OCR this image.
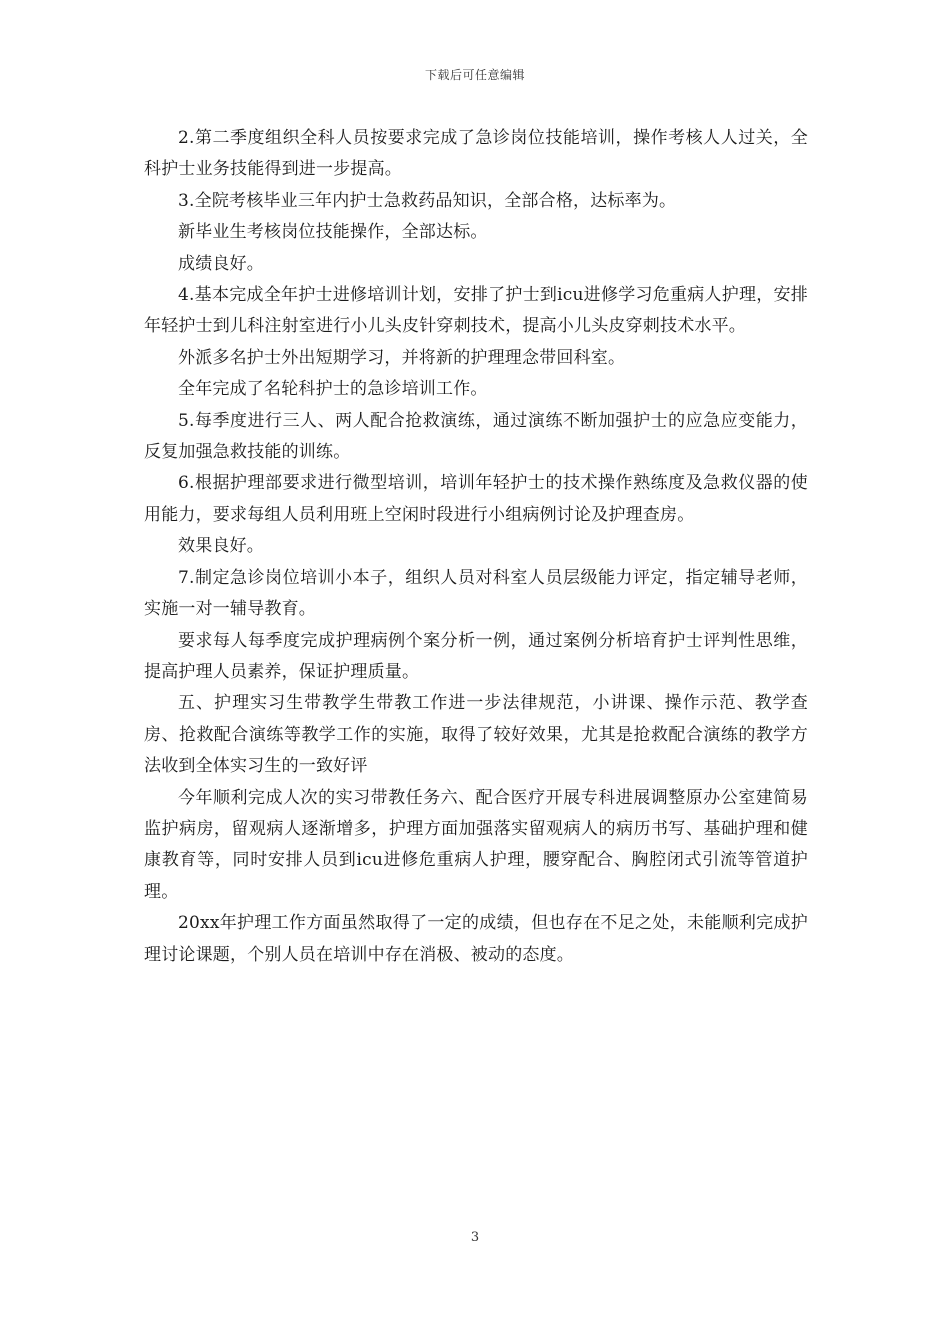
下载后可任意编辑

2.第二季度组织全科人员按要求完成了急诊岗位技能培训，操作考核人人过关，全科护士业务技能得到进一步提高。

3.全院考核毕业三年内护士急救药品知识，全部合格，达标率为。

新毕业生考核岗位技能操作，全部达标。

成绩良好。

4.基本完成全年护士进修培训计划，安排了护士到icu进修学习危重病人护理，安排年轻护士到儿科注射室进行小儿头皮针穿刺技术，提高小儿头皮穿刺技术水平。

外派多名护士外出短期学习，并将新的护理理念带回科室。

全年完成了名轮科护士的急诊培训工作。

5.每季度进行三人、两人配合抢救演练，通过演练不断加强护士的应急应变能力，反复加强急救技能的训练。

6.根据护理部要求进行微型培训，培训年轻护士的技术操作熟练度及急救仪器的使用能力，要求每组人员利用班上空闲时段进行小组病例讨论及护理查房。

效果良好。

7.制定急诊岗位培训小本子，组织人员对科室人员层级能力评定，指定辅导老师，实施一对一辅导教育。

要求每人每季度完成护理病例个案分析一例，通过案例分析培育护士评判性思维，提高护理人员素养，保证护理质量。

五、护理实习生带教学生带教工作进一步法律规范，小讲课、操作示范、教学查房、抢救配合演练等教学工作的实施，取得了较好效果，尤其是抢救配合演练的教学方法收到全体实习生的一致好评

今年顺利完成人次的实习带教任务六、配合医疗开展专科进展调整原办公室建简易监护病房，留观病人逐渐增多，护理方面加强落实留观病人的病历书写、基础护理和健康教育等，同时安排人员到icu进修危重病人护理，腰穿配合、胸腔闭式引流等管道护理。

20xx年护理工作方面虽然取得了一定的成绩，但也存在不足之处，未能顺利完成护理讨论课题，个别人员在培训中存在消极、被动的态度。

3
